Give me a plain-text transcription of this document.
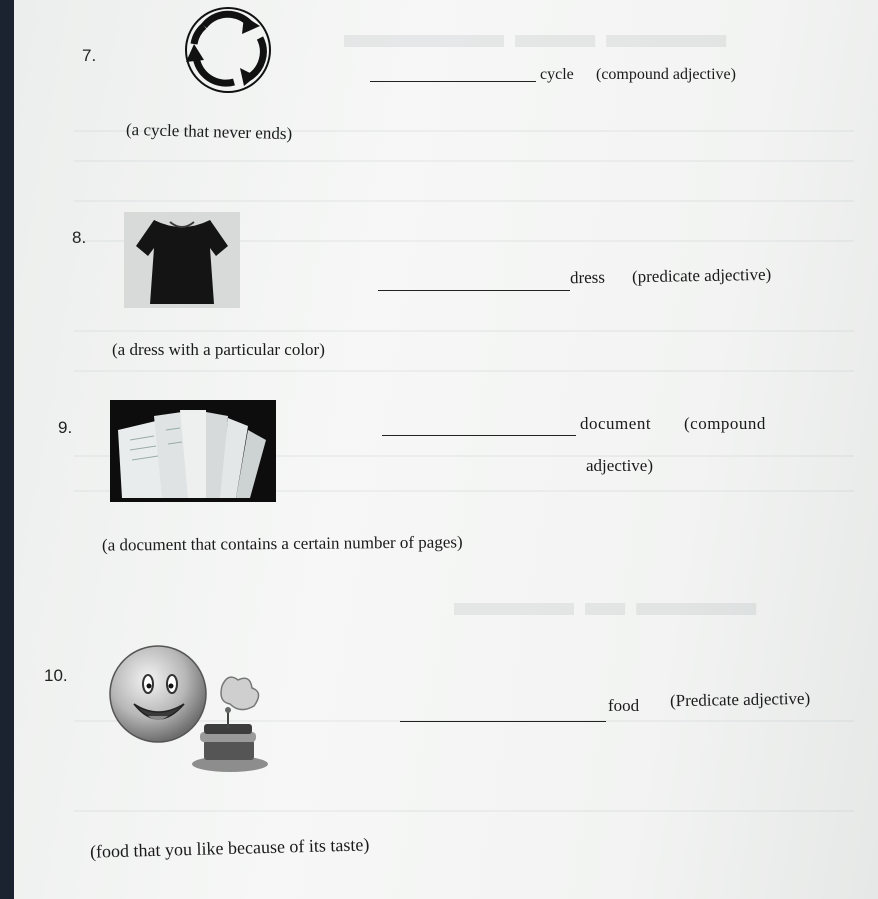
▬▬▬ ▬▬ ▬▬▬▬
▬▬▬ ▬ ▬▬▬
7.
cycle (compound adjective)
(a cycle that never ends)
8.
dress (predicate adjective)
(a dress with a particular color)
9.	document (compound
adjective)
(a document that contains a certain number of pages)
10.
food (Predicate adjective)
(food that you like because of its taste)
